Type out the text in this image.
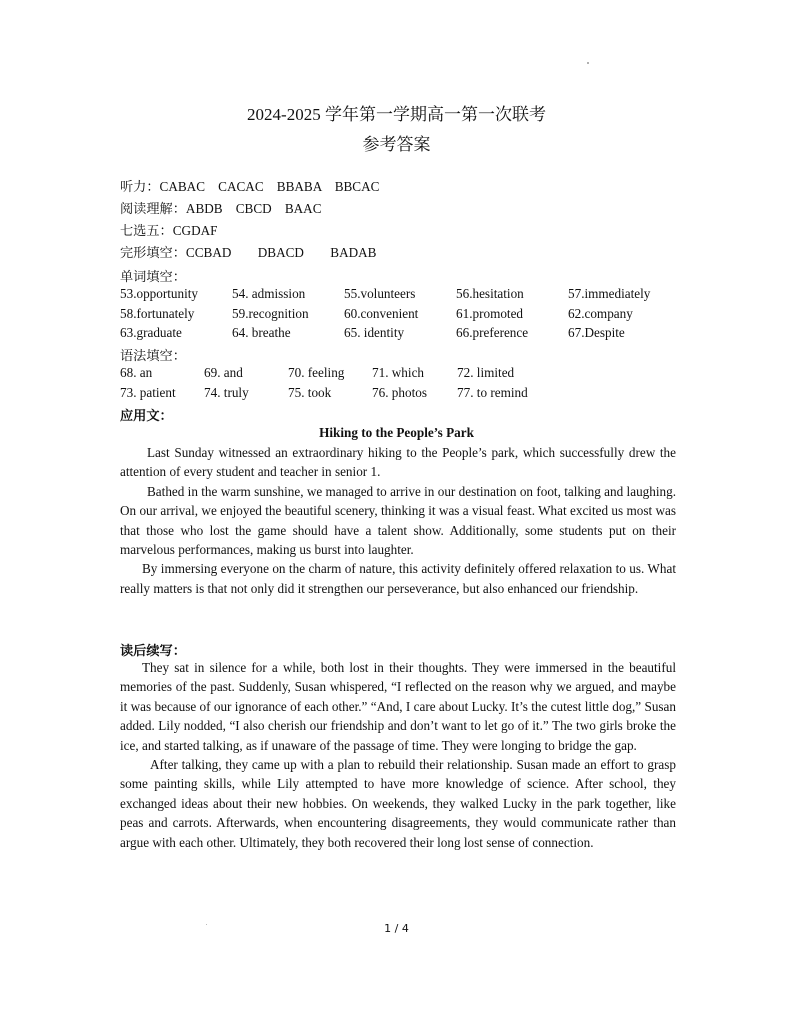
2024-2025 学年第一学期高一第一次联考
参考答案
听力：CABAC　CACAC　BBABA　BBCAC
阅读理解：ABDB　CBCD　BAAC
七选五：CGDAF
完形填空：CCBAD　　DBACD　　BADAB
单词填空：
53.opportunity	54. admission	55.volunteers	56.hesitation	57.immediately
58.fortunately	59.recognition	60.convenient	61.promoted	62.company
63.graduate	64. breathe	65. identity	66.preference	67.Despite
语法填空：
68. an	69. and	70. feeling 71. which 72. limited
73. patient 74. truly	75. took	76. photos 77. to remind
应用文：
Hiking to the People’s Park

Last Sunday witnessed an extraordinary hiking to the People’s park, which successfully drew the attention of every student and teacher in senior 1.

Bathed in the warm sunshine, we managed to arrive in our destination on foot, talking and laughing. On our arrival, we enjoyed the beautiful scenery, thinking it was a visual feast. What excited us most was that those who lost the game should have a talent show. Additionally, some students put on their marvelous performances, making us burst into laughter.

By immersing everyone on the charm of nature, this activity definitely offered relaxation to us. What really matters is that not only did it strengthen our perseverance, but also enhanced our friendship.

读后续写：

They sat in silence for a while, both lost in their thoughts. They were immersed in the beautiful memories of the past. Suddenly, Susan whispered, “I reflected on the reason why we argued, and maybe it was because of our ignorance of each other.” “And, I care about Lucky. It’s the cutest little dog,” Susan added. Lily nodded, “I also cherish our friendship and don’t want to let go of it.” The two girls broke the ice, and started talking, as if unaware of the passage of time. They were longing to bridge the gap.

After talking, they came up with a plan to rebuild their relationship. Susan made an effort to grasp some painting skills, while Lily attempted to have more knowledge of science. After school, they exchanged ideas about their new hobbies. On weekends, they walked Lucky in the park together, like peas and carrots. Afterwards, when encountering disagreements, they would communicate rather than argue with each other. Ultimately, they both recovered their long lost sense of connection.

1 / 4
